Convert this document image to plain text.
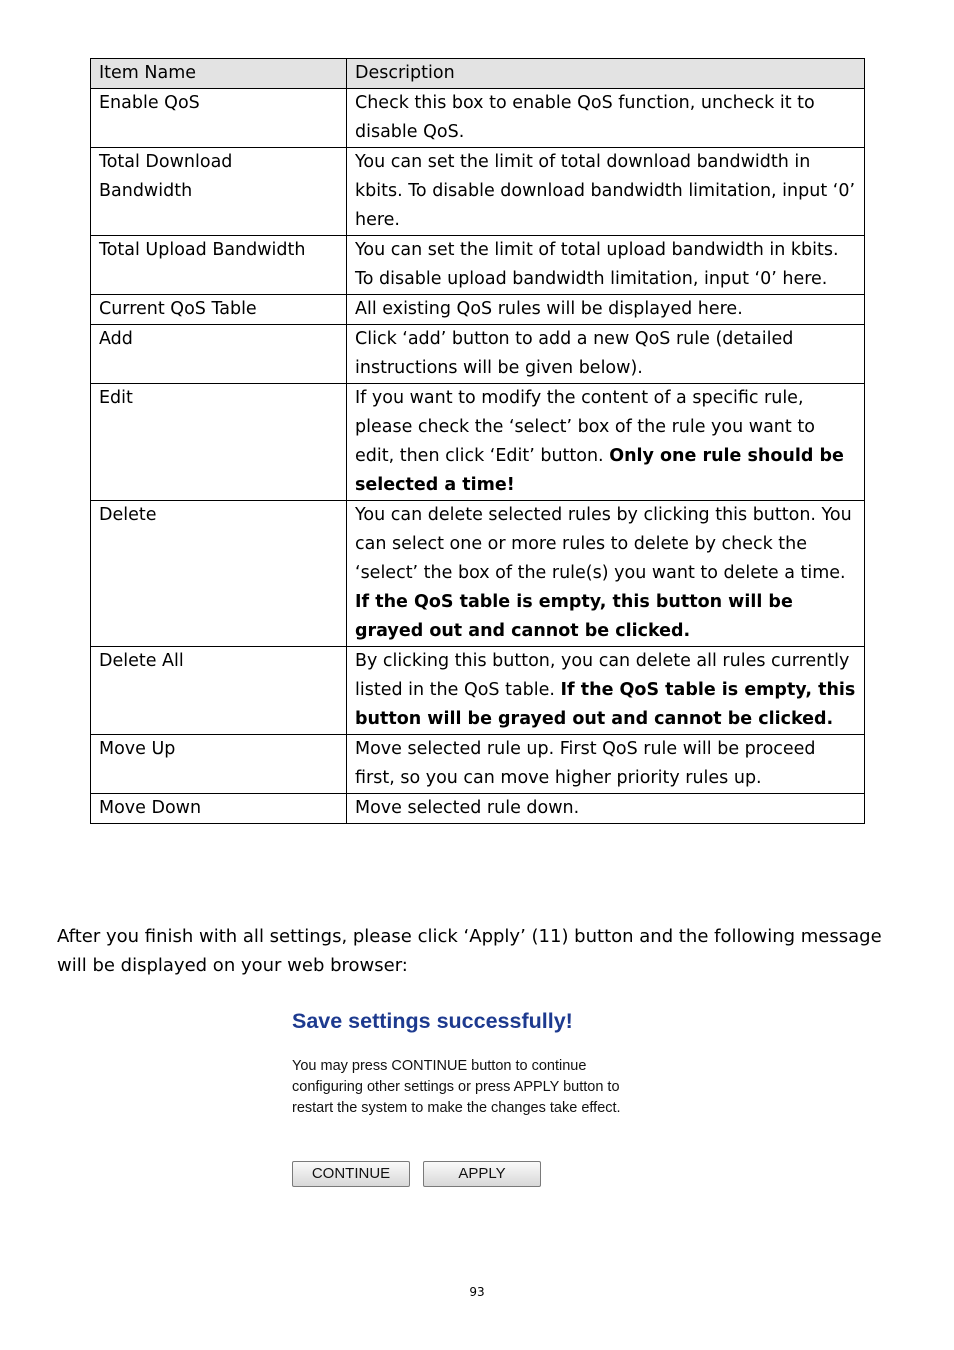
Item Name	Description
Enable QoS	Check this box to enable QoS function, uncheck it to disable QoS.
Total Download Bandwidth	You can set the limit of total download bandwidth in kbits. To disable download bandwidth limitation, input ‘0’ here.
Total Upload Bandwidth	You can set the limit of total upload bandwidth in kbits. To disable upload bandwidth limitation, input ‘0’ here.
Current QoS Table	All existing QoS rules will be displayed here.
Add	Click ‘add’ button to add a new QoS rule (detailed instructions will be given below).
Edit	If you want to modify the content of a specific rule, please check the ‘select’ box of the rule you want to edit, then click ‘Edit’ button. Only one rule should be selected a time!
Delete	You can delete selected rules by clicking this button. You can select one or more rules to delete by check the ‘select’ the box of the rule(s) you want to delete a time. If the QoS table is empty, this button will be grayed out and cannot be clicked.
Delete All	By clicking this button, you can delete all rules currently listed in the QoS table. If the QoS table is empty, this button will be grayed out and cannot be clicked.
Move Up	Move selected rule up. First QoS rule will be proceed first, so you can move higher priority rules up.
Move Down	Move selected rule down.

After you finish with all settings, please click ‘Apply’ (11) button and the following message will be displayed on your web browser:

Save settings successfully!
You may press CONTINUE button to continue
configuring other settings or press APPLY button to
restart the system to make the changes take effect.
CONTINUE	APPLY
93
